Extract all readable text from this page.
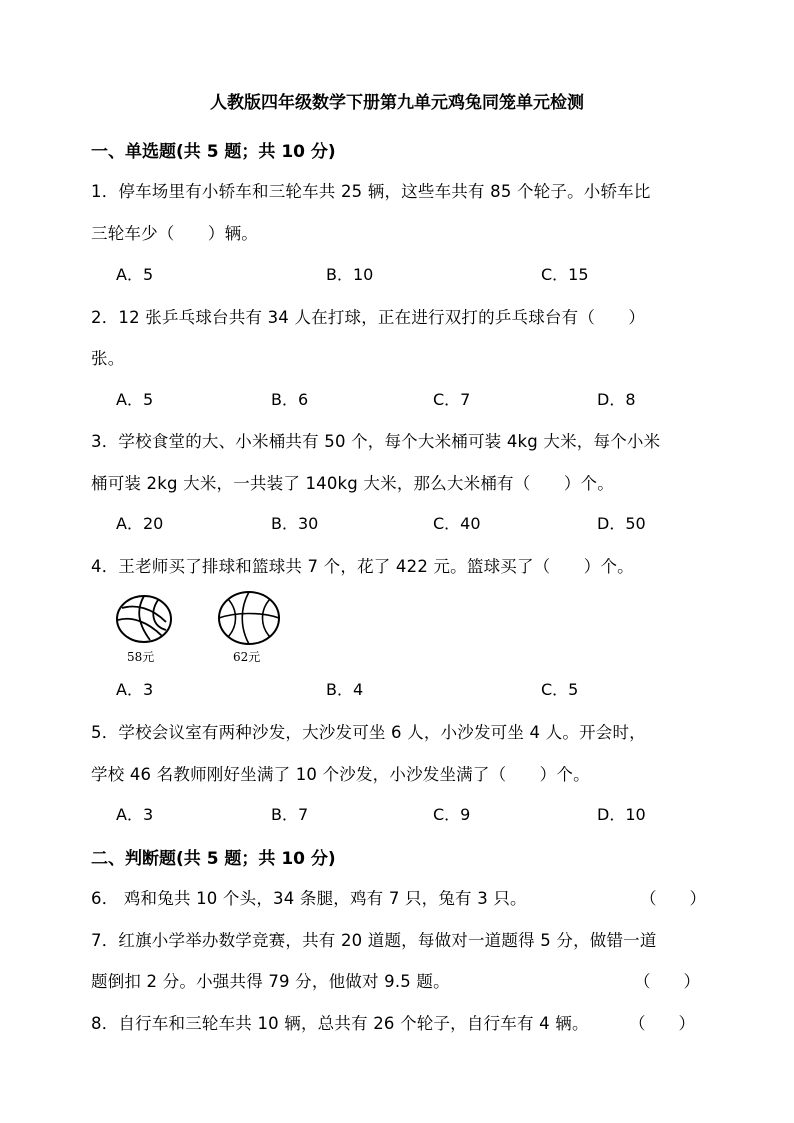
人教版四年级数学下册第九单元鸡兔同笼单元检测
一、单选题(共 5 题；共 10 分)
1．停车场里有小轿车和三轮车共 25 辆，这些车共有 85 个轮子。小轿车比
三轮车少（　　）辆。
A．5	B．10	C．15
2．12 张乒乓球台共有 34 人在打球，正在进行双打的乒乓球台有（　　）
张。
A．5	B．6	C．7	D．8
3．学校食堂的大、小米桶共有 50 个，每个大米桶可装 4kg 大米，每个小米
桶可装 2kg 大米，一共装了 140kg 大米，那么大米桶有（　　）个。
A．20	B．30	C．40	D．50
4．王老师买了排球和篮球共 7 个，花了 422 元。篮球买了（　　）个。
58元	62元
A．3	B．4	C．5
5．学校会议室有两种沙发，大沙发可坐 6 人，小沙发可坐 4 人。开会时，
学校 46 名教师刚好坐满了 10 个沙发，小沙发坐满了（　　）个。
A．3	B．7	C．9	D．10
二、判断题(共 5 题；共 10 分)
6． 鸡和兔共 10 个头，34 条腿，鸡有 7 只，兔有 3 只。	（　　）
7．红旗小学举办数学竞赛，共有 20 道题，每做对一道题得 5 分，做错一道
题倒扣 2 分。小强共得 79 分，他做对 9.5 题。	（　　）
8．自行车和三轮车共 10 辆，总共有 26 个轮子，自行车有 4 辆。 （　　）
